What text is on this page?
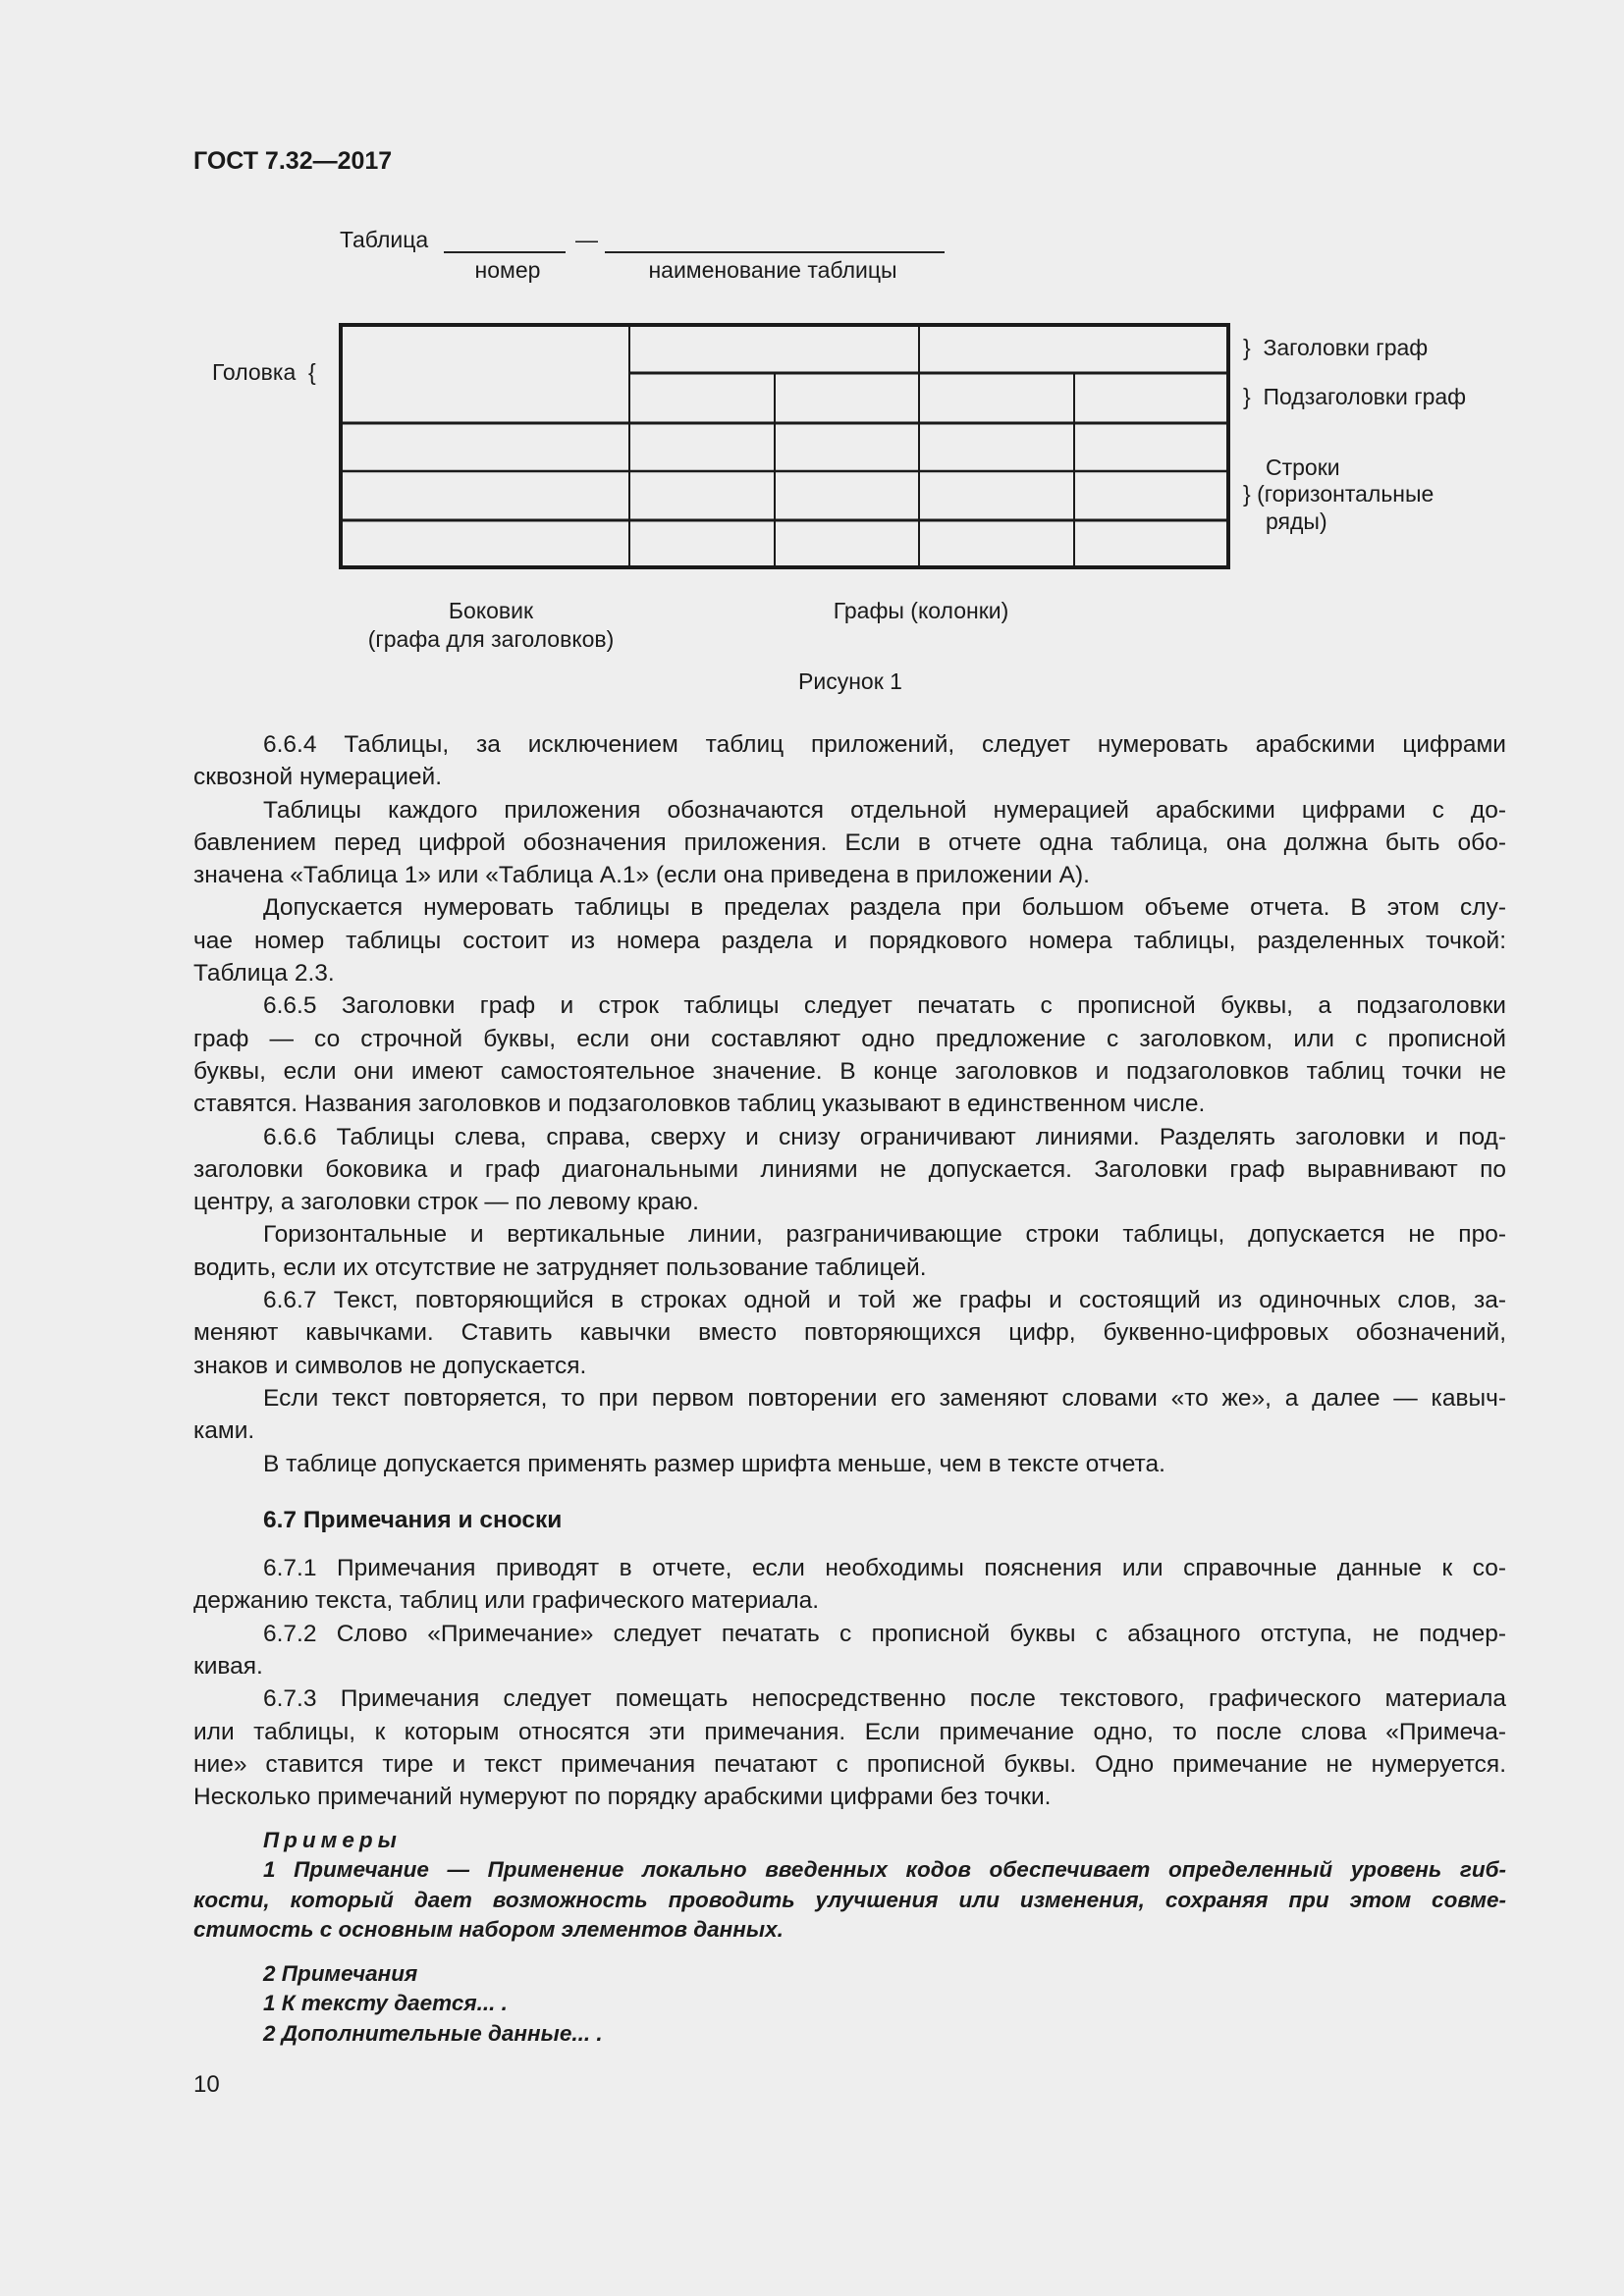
ГОСТ 7.32—2017
Таблица	—
номер	наименование таблицы
Головка {
} Заголовки граф
} Подзаголовки граф
Строки
} (горизонтальные
ряды)
Боковик
(графа для заголовков)
Графы (колонки)
Рисунок 1
6.6.4 Таблицы, за исключением таблиц приложений, следует нумеровать арабскими цифрами
сквозной нумерацией.
Таблицы каждого приложения обозначаются отдельной нумерацией арабскими цифрами с до-
бавлением перед цифрой обозначения приложения. Если в отчете одна таблица, она должна быть обо-
значена «Таблица 1» или «Таблица А.1» (если она приведена в приложении А).
Допускается нумеровать таблицы в пределах раздела при большом объеме отчета. В этом слу-
чае номер таблицы состоит из номера раздела и порядкового номера таблицы, разделенных точкой:
Таблица 2.3.
6.6.5 Заголовки граф и строк таблицы следует печатать с прописной буквы, а подзаголовки
граф — со строчной буквы, если они составляют одно предложение с заголовком, или с прописной
буквы, если они имеют самостоятельное значение. В конце заголовков и подзаголовков таблиц точки не
ставятся. Названия заголовков и подзаголовков таблиц указывают в единственном числе.
6.6.6 Таблицы слева, справа, сверху и снизу ограничивают линиями. Разделять заголовки и под-
заголовки боковика и граф диагональными линиями не допускается. Заголовки граф выравнивают по
центру, а заголовки строк — по левому краю.
Горизонтальные и вертикальные линии, разграничивающие строки таблицы, допускается не про-
водить, если их отсутствие не затрудняет пользование таблицей.
6.6.7 Текст, повторяющийся в строках одной и той же графы и состоящий из одиночных слов, за-
меняют кавычками. Ставить кавычки вместо повторяющихся цифр, буквенно-цифровых обозначений,
знаков и символов не допускается.
Если текст повторяется, то при первом повторении его заменяют словами «то же», а далее — кавыч-
ками.
В таблице допускается применять размер шрифта меньше, чем в тексте отчета.
6.7 Примечания и сноски
6.7.1 Примечания приводят в отчете, если необходимы пояснения или справочные данные к со-
держанию текста, таблиц или графического материала.
6.7.2 Слово «Примечание» следует печатать с прописной буквы с абзацного отступа, не подчер-
кивая.
6.7.3 Примечания следует помещать непосредственно после текстового, графического материала
или таблицы, к которым относятся эти примечания. Если примечание одно, то после слова «Примеча-
ние» ставится тире и текст примечания печатают с прописной буквы. Одно примечание не нумеруется.
Несколько примечаний нумеруют по порядку арабскими цифрами без точки.
Примеры
1 Примечание — Применение локально введенных кодов обеспечивает определенный уровень гиб-
кости, который дает возможность проводить улучшения или изменения, сохраняя при этом совме-
стимость с основным набором элементов данных.
2 Примечания
1 К тексту дается... .
2 Дополнительные данные... .
10
